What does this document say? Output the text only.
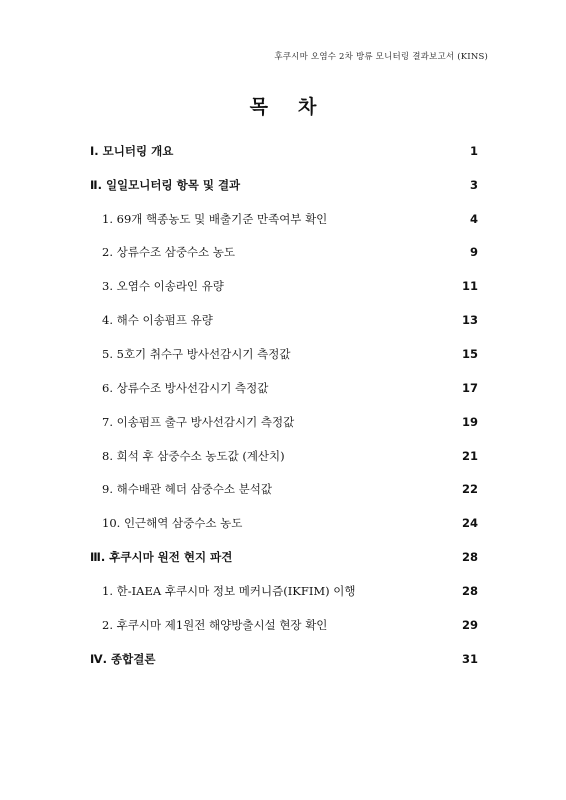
후쿠시마 오염수 2차 방류 모니터링 결과보고서 (KINS)
목 차
Ⅰ. 모니터링 개요	1
Ⅱ. 일일모니터링 항목 및 결과	3
1. 69개 핵종농도 및 배출기준 만족여부 확인	4
2. 상류수조 삼중수소 농도	9
3. 오염수 이송라인 유량	11
4. 해수 이송펌프 유량	13
5. 5호기 취수구 방사선감시기 측정값	15
6. 상류수조 방사선감시기 측정값	17
7. 이송펌프 출구 방사선감시기 측정값	19
8. 희석 후 삼중수소 농도값 (계산치)	21
9. 해수배관 헤더 삼중수소 분석값	22
10. 인근해역 삼중수소 농도	24
Ⅲ. 후쿠시마 원전 현지 파견	28
1. 한-IAEA 후쿠시마 정보 메커니즘(IKFIM) 이행	28
2. 후쿠시마 제1원전 해양방출시설 현장 확인	29
Ⅳ. 종합결론	31
